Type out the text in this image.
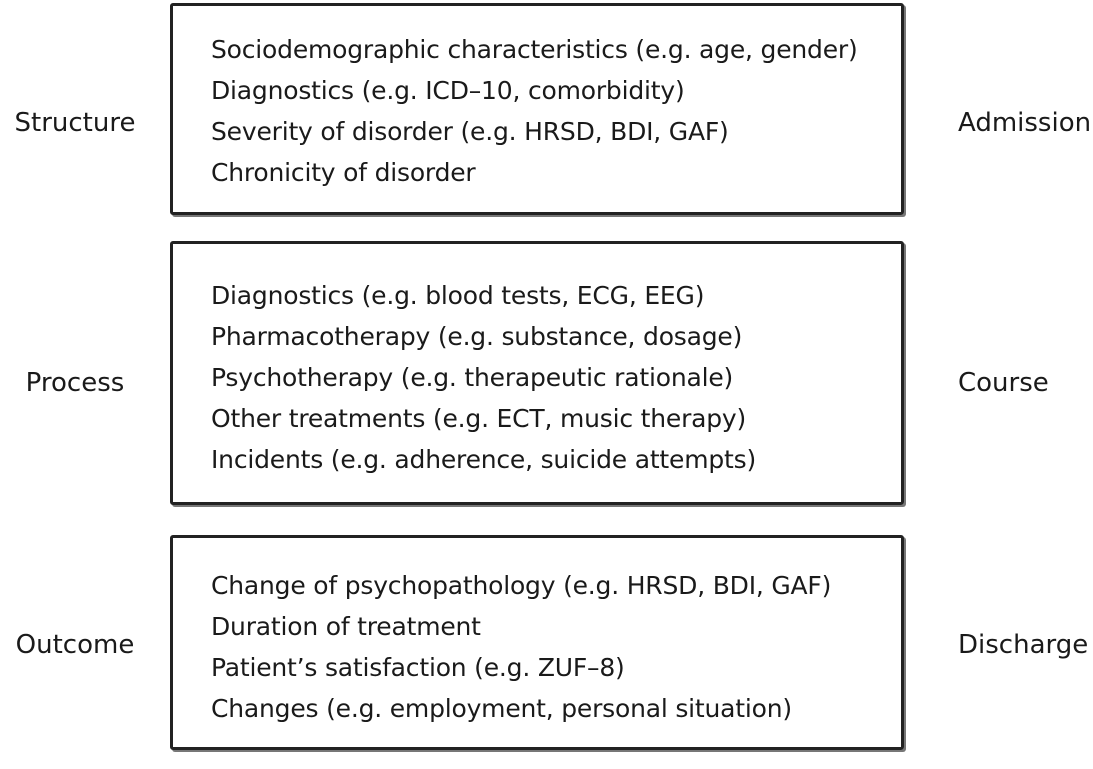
Structure
Sociodemographic characteristics (e.g. age, gender)
Diagnostics (e.g. ICD–10, comorbidity)
Severity of disorder (e.g. HRSD, BDI, GAF)
Chronicity of disorder
Admission
Process
Diagnostics (e.g. blood tests, ECG, EEG)
Pharmacotherapy (e.g. substance, dosage)
Psychotherapy (e.g. therapeutic rationale)
Other treatments (e.g. ECT, music therapy)
Incidents (e.g. adherence, suicide attempts)
Course
Outcome
Change of psychopathology (e.g. HRSD, BDI, GAF)
Duration of treatment
Patient’s satisfaction (e.g. ZUF–8)
Changes (e.g. employment, personal situation)
Discharge
